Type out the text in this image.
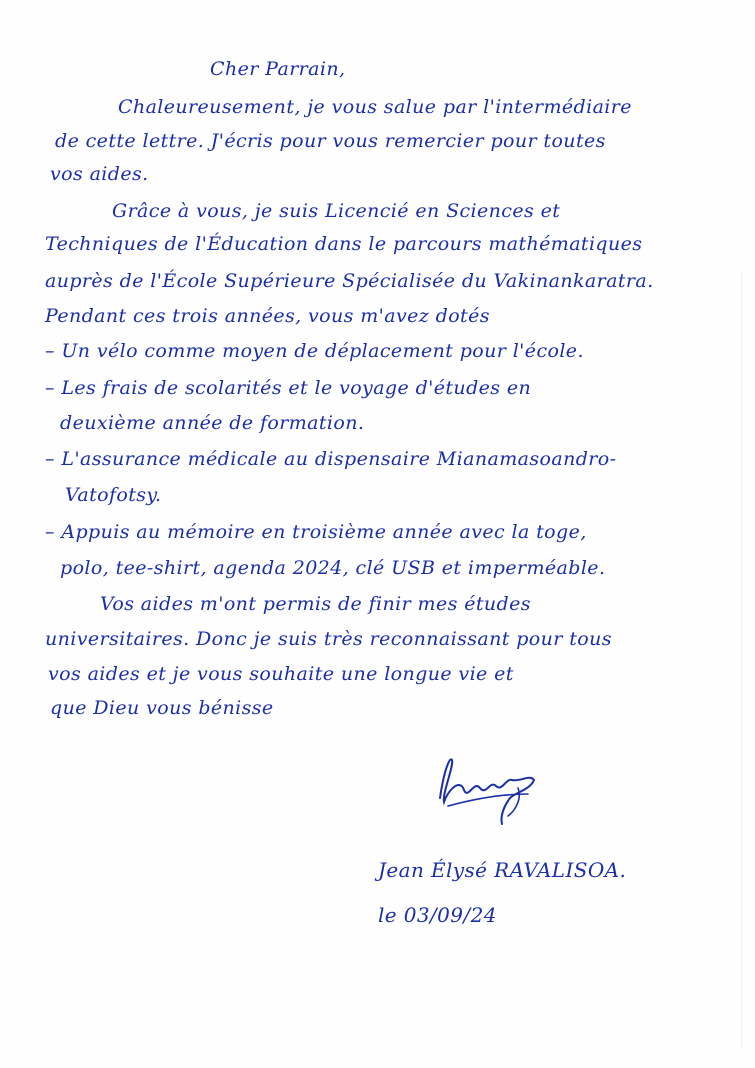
Cher Parrain,
Chaleureusement, je vous salue par l'intermédiaire
de cette lettre. J'écris pour vous remercier pour toutes
vos aides.
Grâce à vous, je suis Licencié en Sciences et
Techniques de l'Éducation dans le parcours mathématiques
auprès de l'École Supérieure Spécialisée du Vakinankaratra.
Pendant ces trois années, vous m'avez dotés
– Un vélo comme moyen de déplacement pour l'école.
– Les frais de scolarités et le voyage d'études en
deuxième année de formation.
– L'assurance médicale au dispensaire Mianamasoandro-
Vatofotsy.
– Appuis au mémoire en troisième année avec la toge,
polo, tee-shirt, agenda 2024, clé USB et imperméable.
Vos aides m'ont permis de finir mes études
universitaires. Donc je suis très reconnaissant pour tous
vos aides et je vous souhaite une longue vie et
que Dieu vous bénisse
Jean Élysé RAVALISOA.
le 03/09/24
